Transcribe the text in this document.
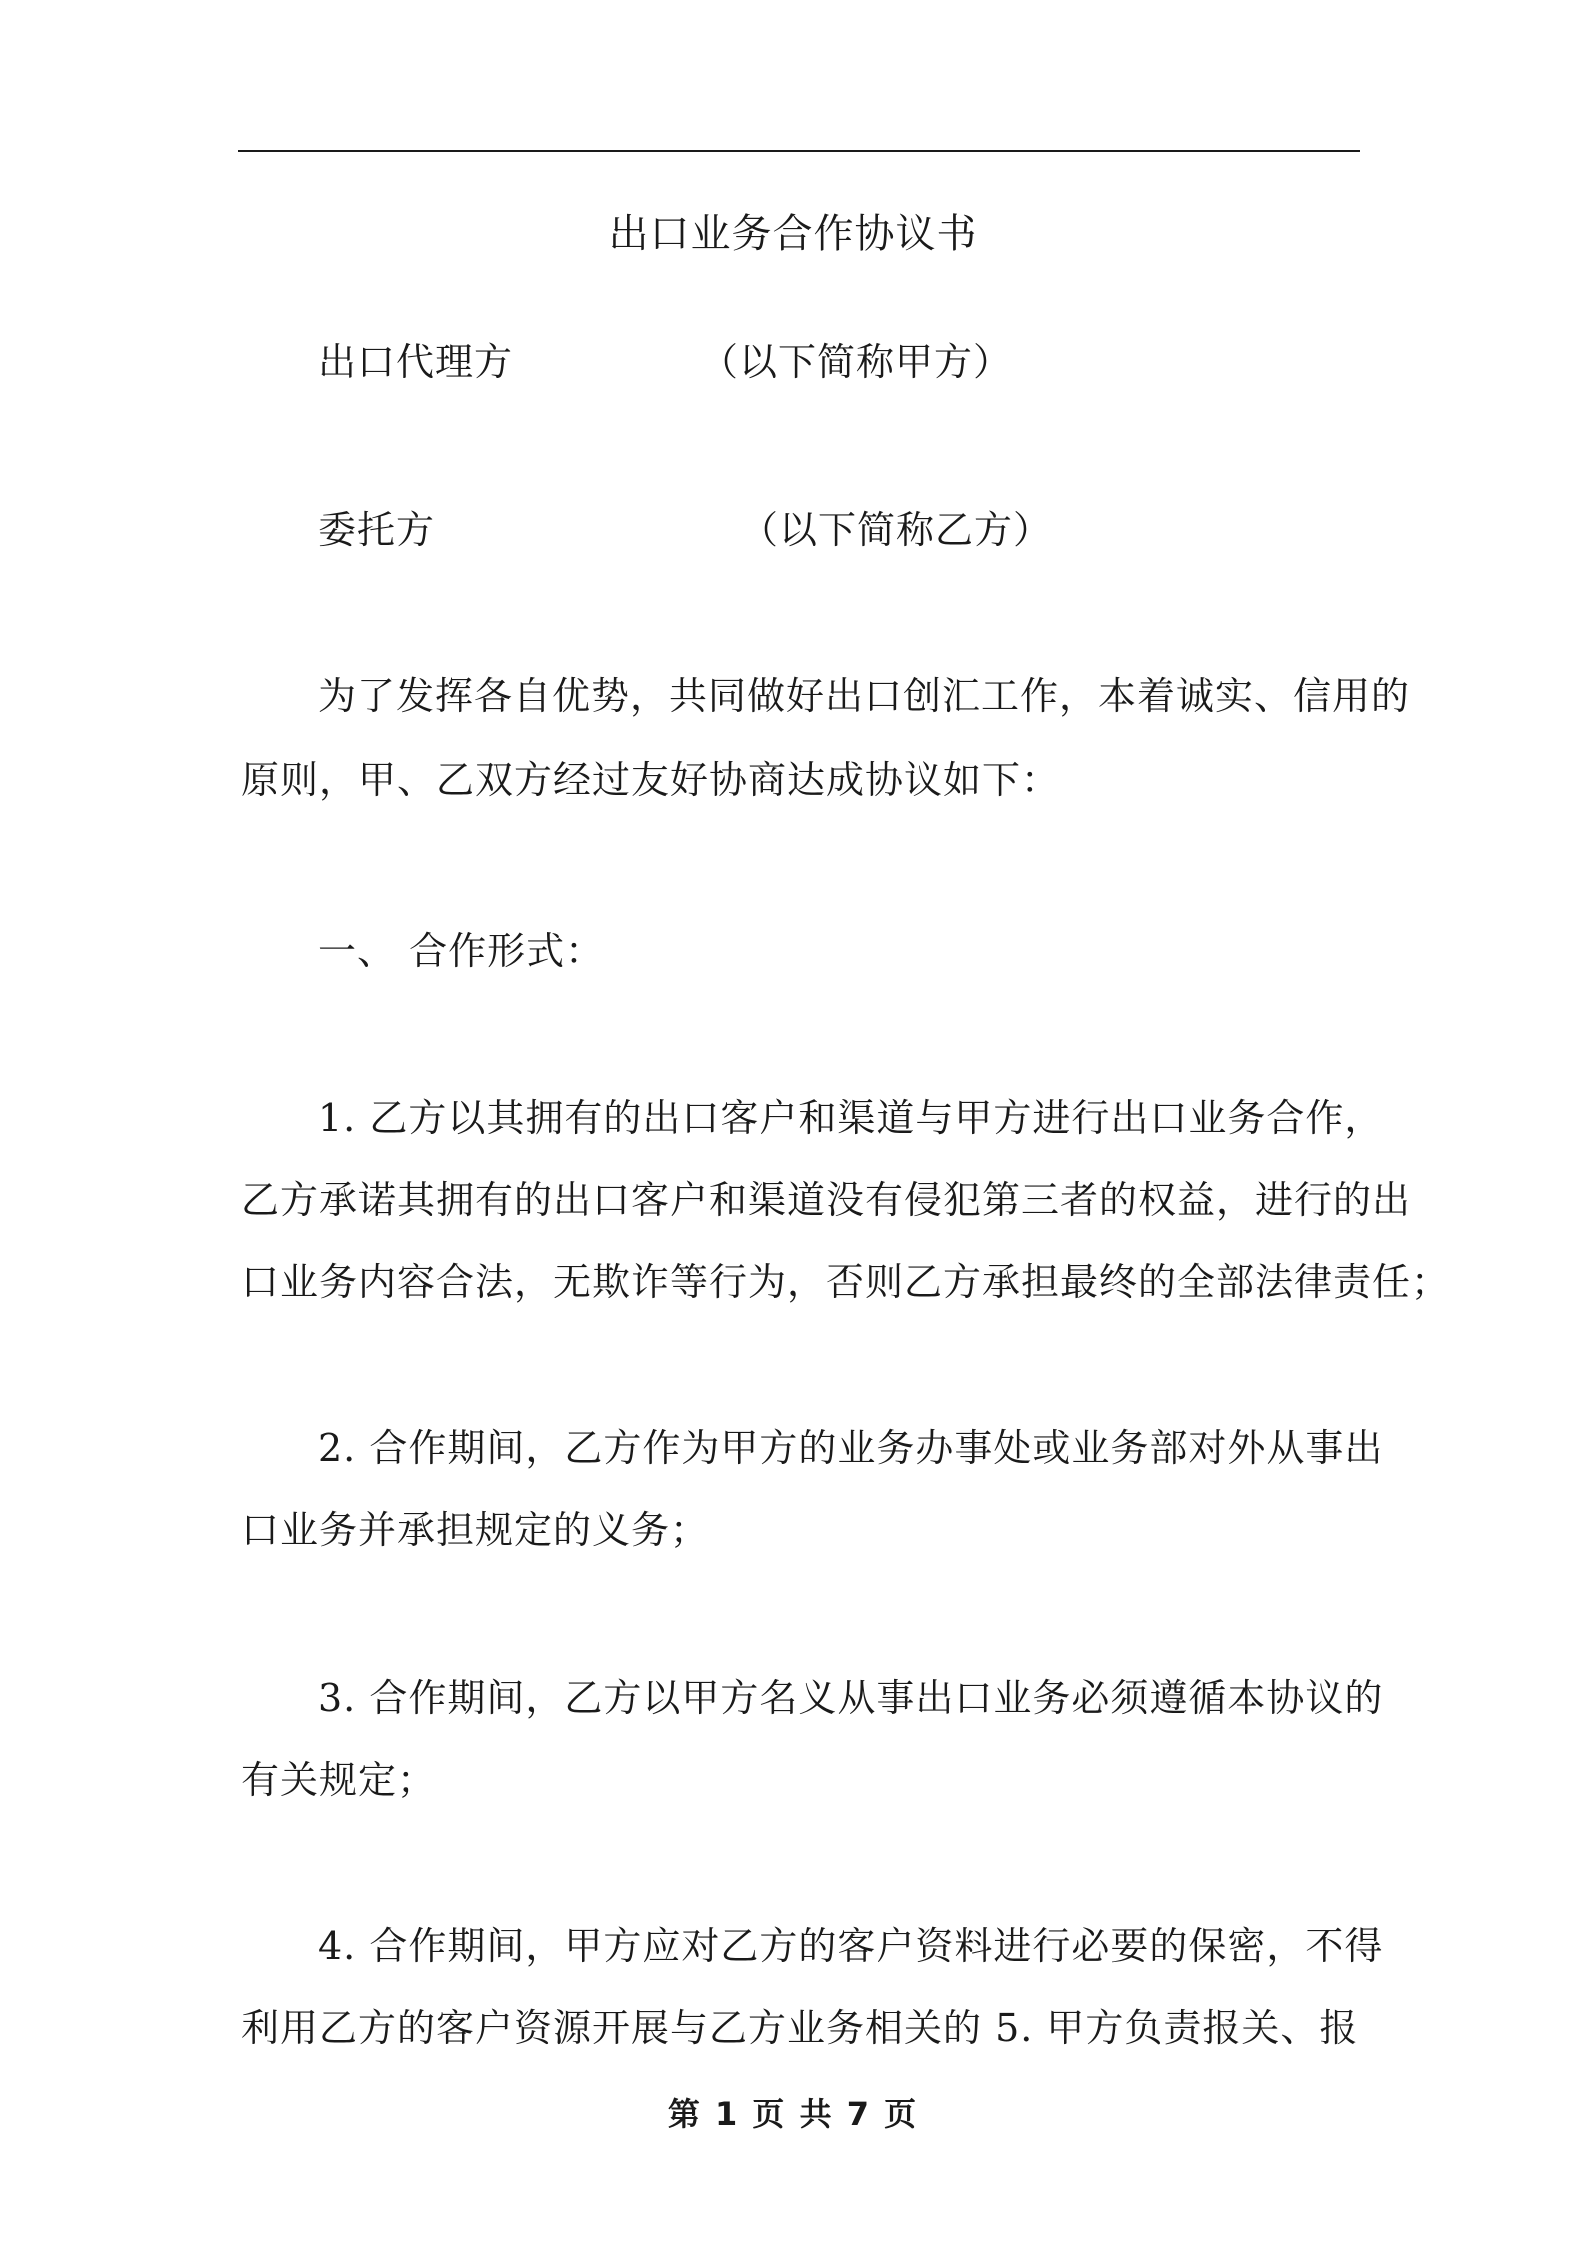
出口业务合作协议书
出口代理方	（以下简称甲方）
委托方	（以下简称乙方）
为了发挥各自优势，共同做好出口创汇工作，本着诚实、信用的
原则，甲、乙双方经过友好协商达成协议如下：
一、 合作形式：
1. 乙方以其拥有的出口客户和渠道与甲方进行出口业务合作，
乙方承诺其拥有的出口客户和渠道没有侵犯第三者的权益，进行的出
口业务内容合法，无欺诈等行为，否则乙方承担最终的全部法律责任；
2. 合作期间，乙方作为甲方的业务办事处或业务部对外从事出
口业务并承担规定的义务；
3. 合作期间，乙方以甲方名义从事出口业务必须遵循本协议的
有关规定；
4. 合作期间，甲方应对乙方的客户资料进行必要的保密，不得
利用乙方的客户资源开展与乙方业务相关的 5. 甲方负责报关、报
第 1 页 共 7 页
